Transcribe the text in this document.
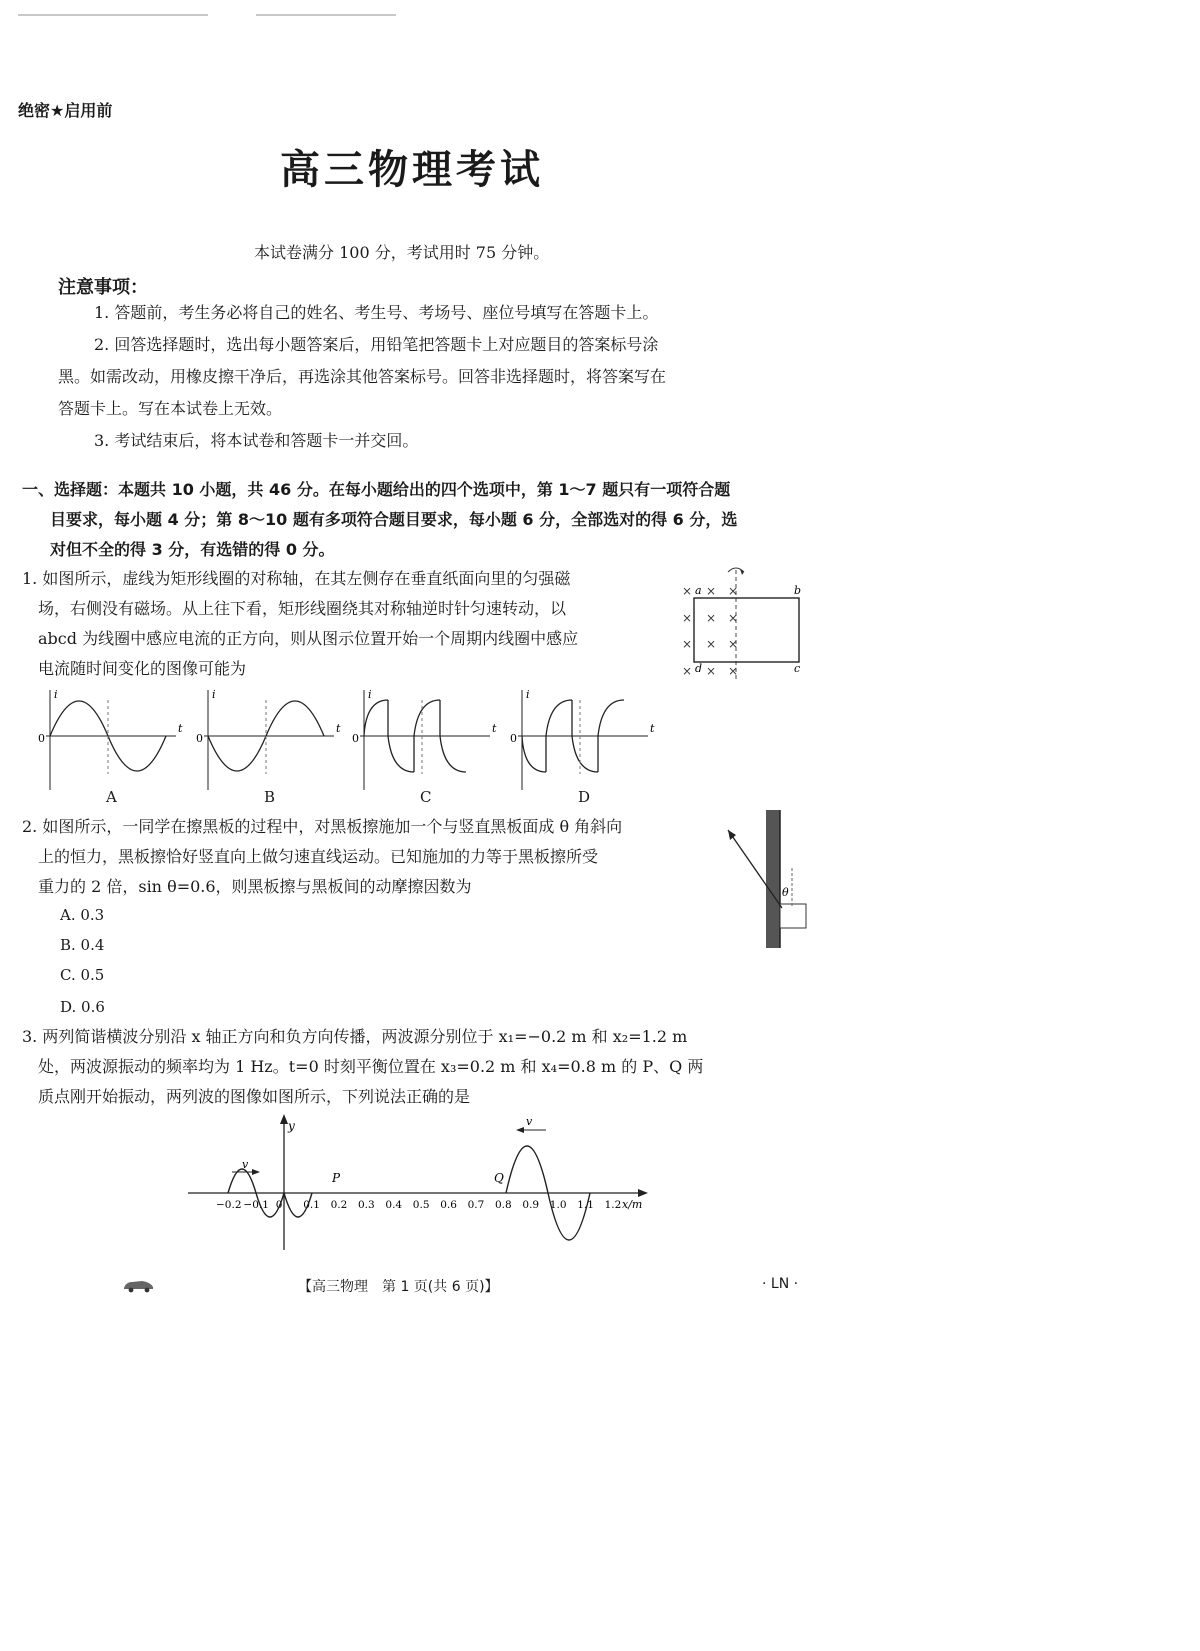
绝密★启用前
高三物理考试
本试卷满分 100 分，考试用时 75 分钟。
注意事项：
1. 答题前，考生务必将自己的姓名、考生号、考场号、座位号填写在答题卡上。
2. 回答选择题时，选出每小题答案后，用铅笔把答题卡上对应题目的答案标号涂
黑。如需改动，用橡皮擦干净后，再选涂其他答案标号。回答非选择题时，将答案写在
答题卡上。写在本试卷上无效。
3. 考试结束后，将本试卷和答题卡一并交回。
一、选择题：本题共 10 小题，共 46 分。在每小题给出的四个选项中，第 1～7 题只有一项符合题
目要求，每小题 4 分；第 8～10 题有多项符合题目要求，每小题 6 分，全部选对的得 6 分，选
对但不全的得 3 分，有选错的得 0 分。
1. 如图所示，虚线为矩形线圈的对称轴，在其左侧存在垂直纸面向里的匀强磁
场，右侧没有磁场。从上往下看，矩形线圈绕其对称轴逆时针匀速转动，以
abcd 为线圈中感应电流的正方向，则从图示位置开始一个周期内线圈中感应
电流随时间变化的图像可能为
× × ×
× × ×
× × ×
× × ×
a	b
c
d
i
t
0
A
i
t
0
B
i
t
0
C
i
t
0
D
2. 如图所示，一同学在擦黑板的过程中，对黑板擦施加一个与竖直黑板面成 θ 角斜向
上的恒力，黑板擦恰好竖直向上做匀速直线运动。已知施加的力等于黑板擦所受
重力的 2 倍，sin θ=0.6，则黑板擦与黑板间的动摩擦因数为
A. 0.3
B. 0.4
C. 0.5
D. 0.6
θ
3. 两列简谐横波分别沿 x 轴正方向和负方向传播，两波源分别位于 x₁=−0.2 m 和 x₂=1.2 m
处，两波源振动的频率均为 1 Hz。t=0 时刻平衡位置在 x₃=0.2 m 和 x₄=0.8 m 的 P、Q 两
质点刚开始振动，两列波的图像如图所示，下列说法正确的是
y
−0.2 −0.1 0 0.1 0.2 0.3 0.4 0.5 0.6 0.7 0.8 0.9 1.0 1.1 1.2
v
v
P	Q
x/m
【高三物理　第 1 页(共 6 页)】	· LN ·
